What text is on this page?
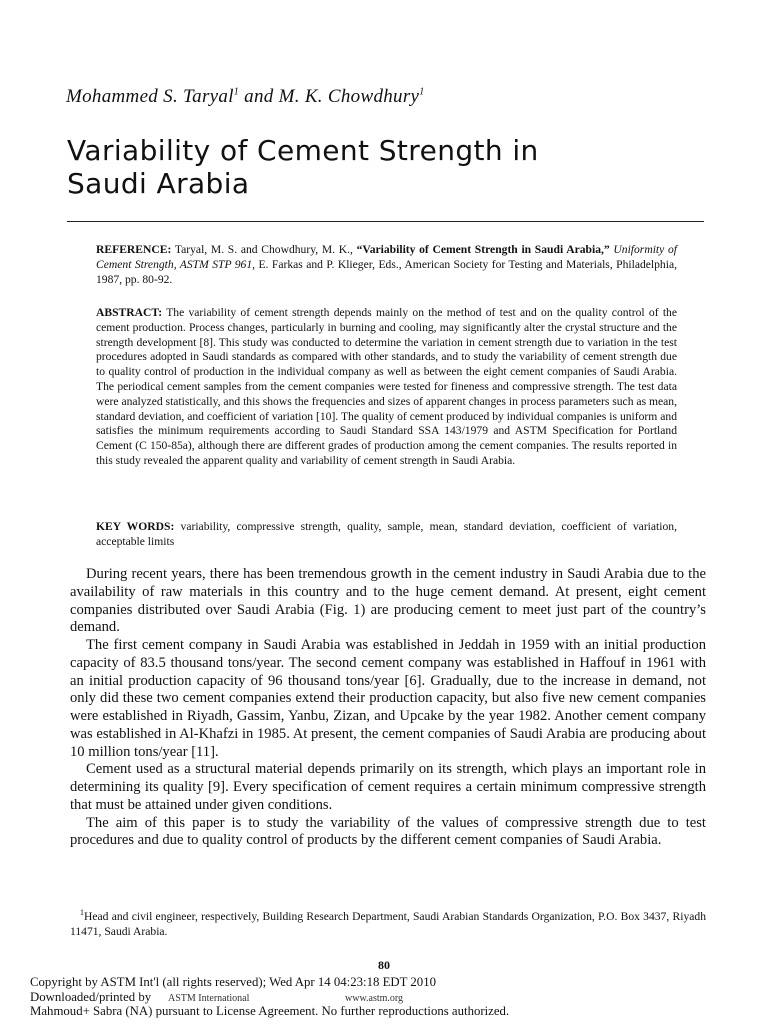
Mohammed S. Taryal$^1$ and M. K. Chowdhury$^1$
Variability of Cement Strength in
Saudi Arabia

REFERENCE: Taryal, M. S. and Chowdhury, M. K., “Variability of Cement Strength in Saudi Arabia,” Uniformity of Cement Strength, ASTM STP 961, E. Farkas and P. Klieger, Eds., American Society for Testing and Materials, Philadelphia, 1987, pp. 80-92.

ABSTRACT: The variability of cement strength depends mainly on the method of test and on the quality control of the cement production. Process changes, particularly in burning and cooling, may significantly alter the crystal structure and the strength development [8]. This study was conducted to determine the variation in cement strength due to variation in the test procedures adopted in Saudi standards as compared with other standards, and to study the variability of cement strength due to quality control of production in the individual company as well as between the eight cement companies of Saudi Arabia. The periodical cement samples from the cement companies were tested for fineness and compressive strength. The test data were analyzed statistically, and this shows the frequencies and sizes of apparent changes in process parameters such as mean, standard deviation, and coefficient of variation [10]. The quality of cement produced by individual companies is uniform and satisfies the minimum requirements according to Saudi Standard SSA 143/1979 and ASTM Specification for Portland Cement (C 150-85a), although there are different grades of production among the cement companies. The results reported in this study revealed the apparent quality and variability of cement strength in Saudi Arabia.

KEY WORDS: variability, compressive strength, quality, sample, mean, standard deviation, coefficient of variation, acceptable limits

During recent years, there has been tremendous growth in the cement industry in Saudi Arabia due to the availability of raw materials in this country and to the huge cement demand. At present, eight cement companies distributed over Saudi Arabia (Fig. 1) are producing cement to meet just part of the country’s demand.

The first cement company in Saudi Arabia was established in Jeddah in 1959 with an initial production capacity of 83.5 thousand tons/year. The second cement company was established in Haffouf in 1961 with an initial production capacity of 96 thousand tons/year [6]. Gradually, due to the increase in demand, not only did these two cement companies extend their production capacity, but also five new cement companies were established in Riyadh, Gassim, Yanbu, Zizan, and Upcake by the year 1982. Another cement company was established in Al-Khafzi in 1985. At present, the cement companies of Saudi Arabia are producing about 10 million tons/year [11].

Cement used as a structural material depends primarily on its strength, which plays an important role in determining its quality [9]. Every specification of cement requires a certain minimum compressive strength that must be attained under given conditions.

The aim of this paper is to study the variability of the values of compressive strength due to test procedures and due to quality control of products by the different cement companies of Saudi Arabia.

$^1$Head and civil engineer, respectively, Building Research Department, Saudi Arabian Standards Organization, P.O. Box 3437, Riyadh 11471, Saudi Arabia.

80
Copyright by ASTM Int'l (all rights reserved); Wed Apr 14 04:23:18 EDT 2010
Downloaded/printed by
Mahmoud+ Sabra (NA) pursuant to License Agreement. No further reproductions authorized.
ASTM International	www.astm.org
